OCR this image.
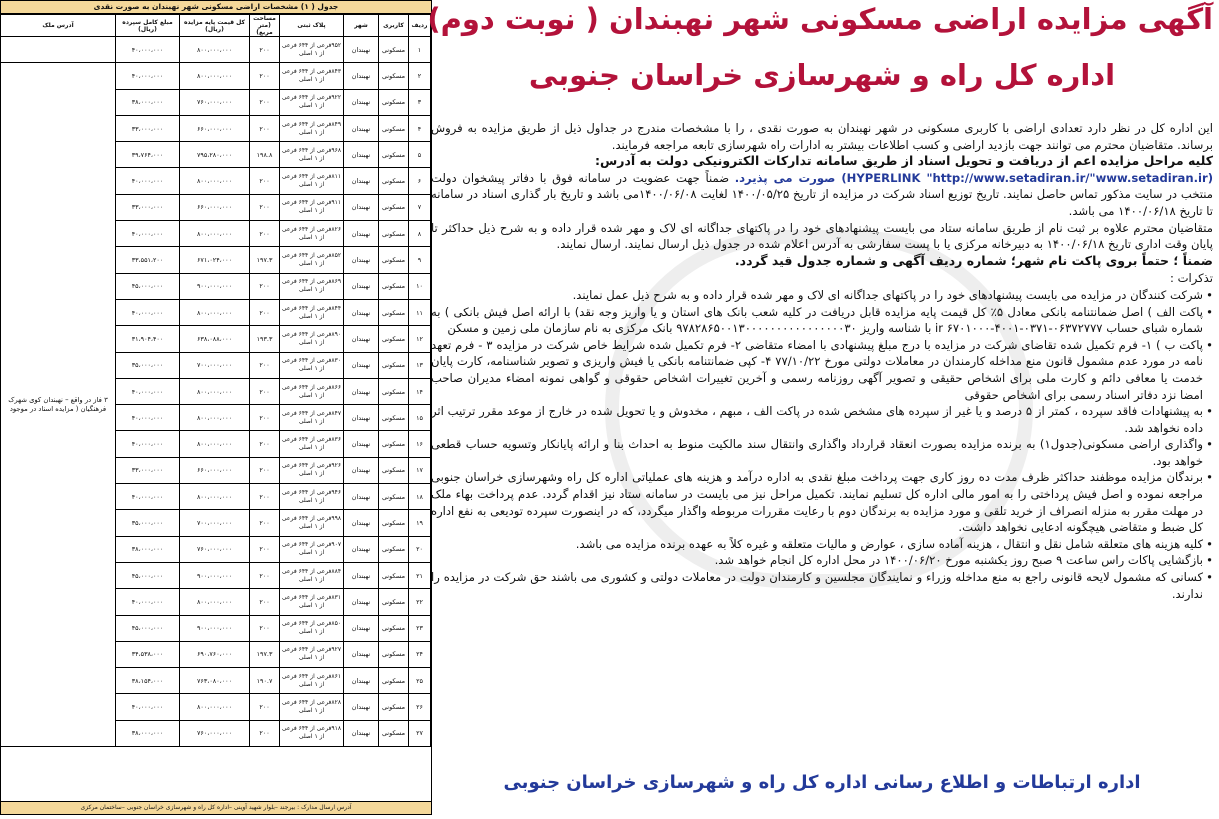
جدول ( ۱) مشخصات اراضی مسکونی شهر نهبندان به صورت نقدی
ردیف	کاربری	شهر	پلاک ثبتی	مساحت (متر مربع)	کل قیمت پایه مزایده (ریال)	مبلغ کامل سپرده (ریال)	آدرس ملک
۱	مسکونی	نهبندان	۹۵۲فرعی از ۶۴۴ فرعی از ۱ اصلی	۲۰۰	۸۰۰،۰۰۰،۰۰۰	۴۰،۰۰۰،۰۰۰	
۲	مسکونی	نهبندان	۸۴۳فرعی از ۶۴۴ فرعی از ۱ اصلی	۲۰۰	۸۰۰،۰۰۰،۰۰۰	۴۰،۰۰۰،۰۰۰	۳ فاز در واقع – نهبندان کوی شهرک فرهنگیان ( مزایده اسناد در موجود
۳	مسکونی	نهبندان	۹۲۲فرعی از ۶۴۴ فرعی از ۱ اصلی	۲۰۰	۷۶۰،۰۰۰،۰۰۰	۳۸،۰۰۰،۰۰۰	
۴	مسکونی	نهبندان	۸۴۹فرعی از ۶۴۴ فرعی از ۱ اصلی	۲۰۰	۶۶۰،۰۰۰،۰۰۰	۳۳،۰۰۰،۰۰۰	
۵	مسکونی	نهبندان	۹۶۸فرعی از ۶۴۴ فرعی از ۱ اصلی	۱۹۸.۸	۷۹۵،۲۸۰،۰۰۰	۳۹،۷۶۴،۰۰۰	
۶	مسکونی	نهبندان	۸۱۱فرعی از ۶۴۴ فرعی از ۱ اصلی	۲۰۰	۸۰۰،۰۰۰،۰۰۰	۴۰،۰۰۰،۰۰۰	
۷	مسکونی	نهبندان	۹۱۱فرعی از ۶۴۴ فرعی از ۱ اصلی	۲۰۰	۶۶۰،۰۰۰،۰۰۰	۳۳،۰۰۰،۰۰۰	
۸	مسکونی	نهبندان	۸۲۶فرعی از ۶۴۴ فرعی از ۱ اصلی	۲۰۰	۸۰۰،۰۰۰،۰۰۰	۴۰،۰۰۰،۰۰۰	
۹	مسکونی	نهبندان	۸۵۲فرعی از ۶۴۴ فرعی از ۱ اصلی	۱۹۷.۳	۶۷۱،۰۲۴،۰۰۰	۳۳،۵۵۱،۲۰۰	
۱۰	مسکونی	نهبندان	۸۶۹فرعی از ۶۴۴ فرعی از ۱ اصلی	۲۰۰	۹۰۰،۰۰۰،۰۰۰	۴۵،۰۰۰،۰۰۰	
۱۱	مسکونی	نهبندان	۸۴۴فرعی از ۶۴۴ فرعی از ۱ اصلی	۲۰۰	۸۰۰،۰۰۰،۰۰۰	۴۰،۰۰۰،۰۰۰	
۱۲	مسکونی	نهبندان	۸۹۰فرعی از ۶۴۴ فرعی از ۱ اصلی	۱۹۳.۳	۶۳۸،۰۸۸،۰۰۰	۳۱،۹۰۴،۴۰۰	
۱۳	مسکونی	نهبندان	۸۳۰فرعی از ۶۴۴ فرعی از ۱ اصلی	۲۰۰	۷۰۰،۰۰۰،۰۰۰	۳۵،۰۰۰،۰۰۰	
۱۴	مسکونی	نهبندان	۸۶۶فرعی از ۶۴۴ فرعی از ۱ اصلی	۲۰۰	۸۰۰،۰۰۰،۰۰۰	۴۰،۰۰۰،۰۰۰	
۱۵	مسکونی	نهبندان	۸۴۷فرعی از ۶۴۴ فرعی از ۱ اصلی	۲۰۰	۸۰۰،۰۰۰،۰۰۰	۴۰،۰۰۰،۰۰۰	
۱۶	مسکونی	نهبندان	۸۳۶فرعی از ۶۴۴ فرعی از ۱ اصلی	۲۰۰	۸۰۰،۰۰۰،۰۰۰	۴۰،۰۰۰،۰۰۰	
۱۷	مسکونی	نهبندان	۹۲۶فرعی از ۶۴۴ فرعی از ۱ اصلی	۲۰۰	۶۶۰،۰۰۰،۰۰۰	۳۳،۰۰۰،۰۰۰	
۱۸	مسکونی	نهبندان	۹۴۶فرعی از ۶۴۴ فرعی از ۱ اصلی	۲۰۰	۸۰۰،۰۰۰،۰۰۰	۴۰،۰۰۰،۰۰۰	
۱۹	مسکونی	نهبندان	۹۹۸فرعی از ۶۴۴ فرعی از ۱ اصلی	۲۰۰	۷۰۰،۰۰۰،۰۰۰	۳۵،۰۰۰،۰۰۰	
۲۰	مسکونی	نهبندان	۹۰۷فرعی از ۶۴۴ فرعی از ۱ اصلی	۲۰۰	۷۶۰،۰۰۰،۰۰۰	۳۸،۰۰۰،۰۰۰	
۲۱	مسکونی	نهبندان	۸۸۴فرعی از ۶۴۴ فرعی از ۱ اصلی	۲۰۰	۹۰۰،۰۰۰،۰۰۰	۴۵،۰۰۰،۰۰۰	
۲۲	مسکونی	نهبندان	۸۳۱فرعی از ۶۴۴ فرعی از ۱ اصلی	۲۰۰	۸۰۰،۰۰۰،۰۰۰	۴۰،۰۰۰،۰۰۰	
۲۳	مسکونی	نهبندان	۸۵۰فرعی از ۶۴۴ فرعی از ۱ اصلی	۲۰۰	۹۰۰،۰۰۰،۰۰۰	۴۵،۰۰۰،۰۰۰	
۲۴	مسکونی	نهبندان	۹۲۷فرعی از ۶۴۴ فرعی از ۱ اصلی	۱۹۷.۳	۶۹۰،۷۶۰،۰۰۰	۳۴،۵۳۸،۰۰۰	
۲۵	مسکونی	نهبندان	۸۶۱فرعی از ۶۴۴ فرعی از ۱ اصلی	۱۹۰.۷	۷۶۳،۰۸۰،۰۰۰	۳۸،۱۵۴،۰۰۰	
۲۶	مسکونی	نهبندان	۸۲۸فرعی از ۶۴۴ فرعی از ۱ اصلی	۲۰۰	۸۰۰،۰۰۰،۰۰۰	۴۰،۰۰۰،۰۰۰	
۲۷	مسکونی	نهبندان	۹۱۸فرعی از ۶۴۴ فرعی از ۱ اصلی	۲۰۰	۷۶۰،۰۰۰،۰۰۰	۳۸،۰۰۰،۰۰۰	
آدرس ارسال مدارک : بیرجند –بلوار شهید آوینی –اداره کل راه و شهرسازی خراسان جنوبی –ساختمان مرکزی
آگهی مزایده اراضی مسکونی شهر نهبندان ( نوبت دوم)
اداره کل راه و شهرسازی خراسان جنوبی

این اداره کل در نظر دارد تعدادی اراضی با کاربری مسکونی در شهر نهبندان به صورت نقدی ، را با مشخصات مندرج در جداول ذیل از طریق مزایده به فروش برساند. متقاضیان محترم می توانند جهت بازدید اراضی و کسب اطلاعات بیشتر به ادارات راه شهرسازی تابعه مراجعه فرمایند.

کلیه مراحل مزایده اعم از دریافت و تحویل اسناد از طریق سامانه تدارکات الکترونیکی دولت به آدرس:

(HYPERLINK "http://www.setadiran.ir/"www.setadiran.ir) صورت می پذیرد. ضمناً جهت عضویت در سامانه فوق با دفاتر پیشخوان دولت منتخب در سایت مذکور تماس حاصل نمایند. تاریخ توزیع اسناد شرکت در مزایده از تاریخ ۱۴۰۰/۰۵/۲۵ لغایت ۱۴۰۰/۰۶/۰۸می باشد و تاریخ بار گذاری اسناد در سامانه تا تاریخ ۱۴۰۰/۰۶/۱۸ می باشد.

متقاضیان محترم علاوه بر ثبت نام از طریق سامانه ستاد می بایست پیشنهادهای خود را در پاکتهای جداگانه ای لاک و مهر شده قرار داده و به شرح ذیل حداکثر تا پایان وقت اداری تاریخ ۱۴۰۰/۰۶/۱۸ به دبیرخانه مرکزی یا با پست سفارشی به آدرس اعلام شده در جدول ذیل ارسال نمایند. ارسال نمایند.

ضمناً ؛ حتماً بروی پاکت نام شهر؛ شماره ردیف آگهی و شماره جدول قید گردد.

تذکرات :

• شرکت کنندگان در مزایده می بایست پیشنهادهای خود را در پاکتهای جداگانه ای لاک و مهر شده قرار داده و به شرح ذیل عمل نمایند.
• پاکت الف ) اصل ضمانتنامه بانکی معادل ۵٪ کل قیمت پایه مزایده قابل دریافت در کلیه شعب بانک های استان و یا واریز وجه نقد) با ارائه اصل فیش بانکی ) به شماره شبای حساب ۰۶۳۷۲۷۷۷-۰۳۷۱-۴۰۰۱-۶۷۰۱۰۰۰ ir با شناسه واریز ۹۷۸۲۸۶۵۰۰۱۳۰۰۰۰۰۰۰۰۰۰۰۰۰۰۰۰۳۰ بانک مرکزی به نام سازمان ملی زمین و مسکن
• پاکت ب ) ۱- فرم تکمیل شده تقاضای شرکت در مزایده با درج مبلغ پیشنهادی با امضاء متقاضی ۲- فرم تکمیل شده شرایط خاص شرکت در مزایده ۳ - فرم تعهد نامه در مورد عدم مشمول قانون منع مداخله کارمندان در معاملات دولتی مورخ ۷۷/۱۰/۲۲ ۴- کپی ضمانتنامه بانکی یا فیش واریزی و تصویر شناسنامه، کارت پایان خدمت یا معافی دائم و کارت ملی برای اشخاص حقیقی و تصویر آگهی روزنامه رسمی و آخرین تغییرات اشخاص حقوقی و گواهی نمونه امضاء مدیران صاحب امضا نزد دفاتر اسناد رسمی برای اشخاص حقوقی
• به پیشنهادات فاقد سپرده ، کمتر از ۵ درصد و یا غیر از سپرده های مشخص شده در پاکت الف ، مبهم ، مخدوش و یا تحویل شده در خارج از موعد مقرر ترتیب اثر داده نخواهد شد.
• واگذاری اراضی مسکونی(جدول۱) به برنده مزایده بصورت انعقاد قرارداد واگذاری وانتقال سند مالکیت منوط به احداث بنا و ارائه پایانکار وتسویه حساب قطعی خواهد بود.
• برندگان مزایده موظفند حداکثر ظرف مدت ده روز کاری جهت پرداخت مبلغ نقدی به اداره درآمد و هزینه های عملیاتی اداره کل راه وشهرسازی خراسان جنوبی مراجعه نموده و اصل فیش پرداختی را به امور مالی اداره کل تسلیم نمایند. تکمیل مراحل نیز می بایست در سامانه ستاد نیز اقدام گردد. عدم پرداخت بهاء ملک در مهلت مقرر به منزله انصراف از خرید تلقی و مورد مزایده به برندگان دوم با رعایت مقررات مربوطه واگذار میگردد، که در اینصورت سپرده تودیعی به نفع اداره کل ضبط و متقاضی هیچگونه ادعایی نخواهد داشت.
• کلیه هزینه های متعلقه شامل نقل و انتقال ، هزینه آماده سازی ، عوارض و مالیات متعلقه و غیره کلاً به عهده برنده مزایده می باشد.
• بازگشایی پاکات راس ساعت ۹ صبح روز یکشنبه مورخ ۱۴۰۰/۰۶/۲۰ در محل اداره کل انجام خواهد شد.
• کسانی که مشمول لایحه قانونی راجع به منع مداخله وزراء و نمایندگان مجلسین و کارمندان دولت در معاملات دولتی و کشوری می باشند حق شرکت در مزایده را ندارند.
اداره ارتباطات و اطلاع رسانی اداره کل راه و شهرسازی خراسان جنوبی
